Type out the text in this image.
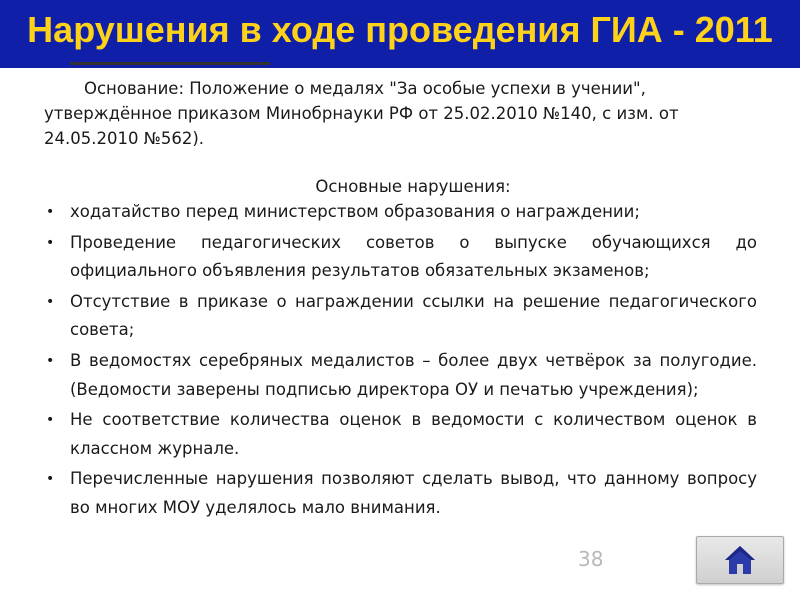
Нарушения в ходе проведения ГИА - 2011
Основание: Положение о медалях "За особые успехи в учении", утверждённое приказом Минобрнауки РФ от 25.02.2010 №140, с изм. от 24.05.2010 №562).
Основные нарушения:
• ходатайство перед министерством образования о награждении;
• Проведение педагогических советов о выпуске обучающихся до официального объявления результатов обязательных экзаменов;
• Отсутствие в приказе о награждении ссылки на решение педагогического совета;
• В ведомостях серебряных медалистов – более двух четвёрок за полугодие. (Ведомости заверены подписью директора ОУ и печатью учреждения);
• Не соответствие количества оценок в ведомости с количеством оценок в классном журнале.
• Перечисленные нарушения позволяют сделать вывод, что данному вопросу во многих МОУ уделялось мало внимания.
38
